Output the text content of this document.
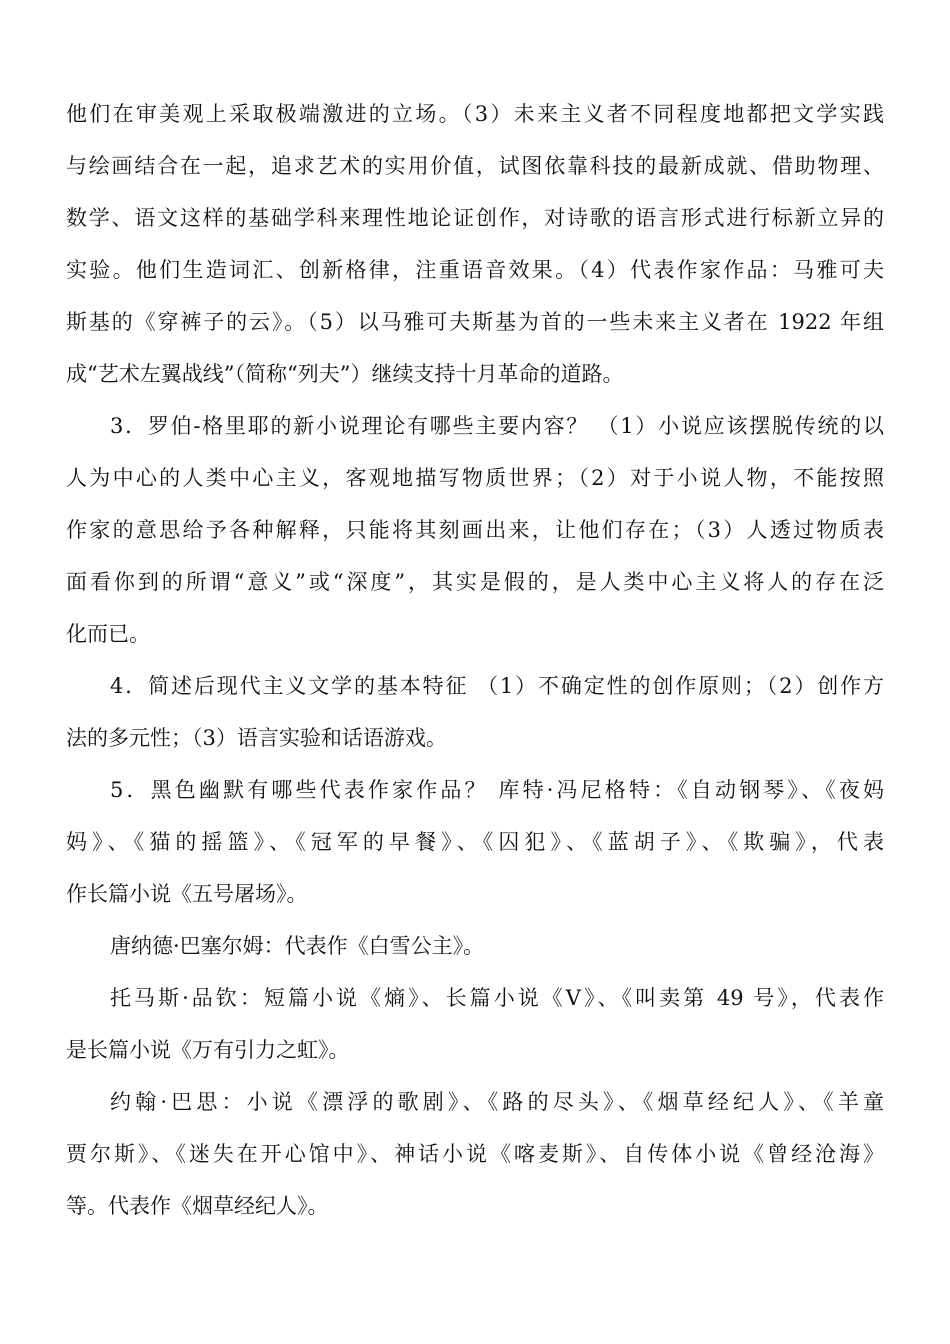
他们在审美观上采取极端激进的立场。（3）未来主义者不同程度地都把文学实践
与绘画结合在一起，追求艺术的实用价值，试图依靠科技的最新成就、借助物理、
数学、语文这样的基础学科来理性地论证创作，对诗歌的语言形式进行标新立异的
实验。他们生造词汇、创新格律，注重语音效果。（4）代表作家作品：马雅可夫
斯基的《穿裤子的云》。（5）以马雅可夫斯基为首的一些未来主义者在 1922 年组
成“艺术左翼战线”（简称“列夫”）继续支持十月革命的道路。
3．罗伯-格里耶的新小说理论有哪些主要内容？ （1）小说应该摆脱传统的以
人为中心的人类中心主义，客观地描写物质世界；（2）对于小说人物，不能按照
作家的意思给予各种解释，只能将其刻画出来，让他们存在；（3）人透过物质表
面看你到的所谓“意义”或“深度”，其实是假的，是人类中心主义将人的存在泛
化而已。
4．简述后现代主义文学的基本特征 （1）不确定性的创作原则；（2）创作方
法的多元性；（3）语言实验和话语游戏。
5．黑色幽默有哪些代表作家作品？ 库特·冯尼格特：《自动钢琴》、《夜妈
妈》、《猫的摇篮》、《冠军的早餐》、《囚犯》、《蓝胡子》、《欺骗》，代表
作长篇小说《五号屠场》。
唐纳德·巴塞尔姆：代表作《白雪公主》。
托马斯·品钦：短篇小说《熵》、长篇小说《V》、《叫卖第 49 号》，代表作
是长篇小说《万有引力之虹》。
约翰·巴思：小说《漂浮的歌剧》、《路的尽头》、《烟草经纪人》、《羊童
贾尔斯》、《迷失在开心馆中》、神话小说《喀麦斯》、自传体小说《曾经沧海》
等。代表作《烟草经纪人》。
